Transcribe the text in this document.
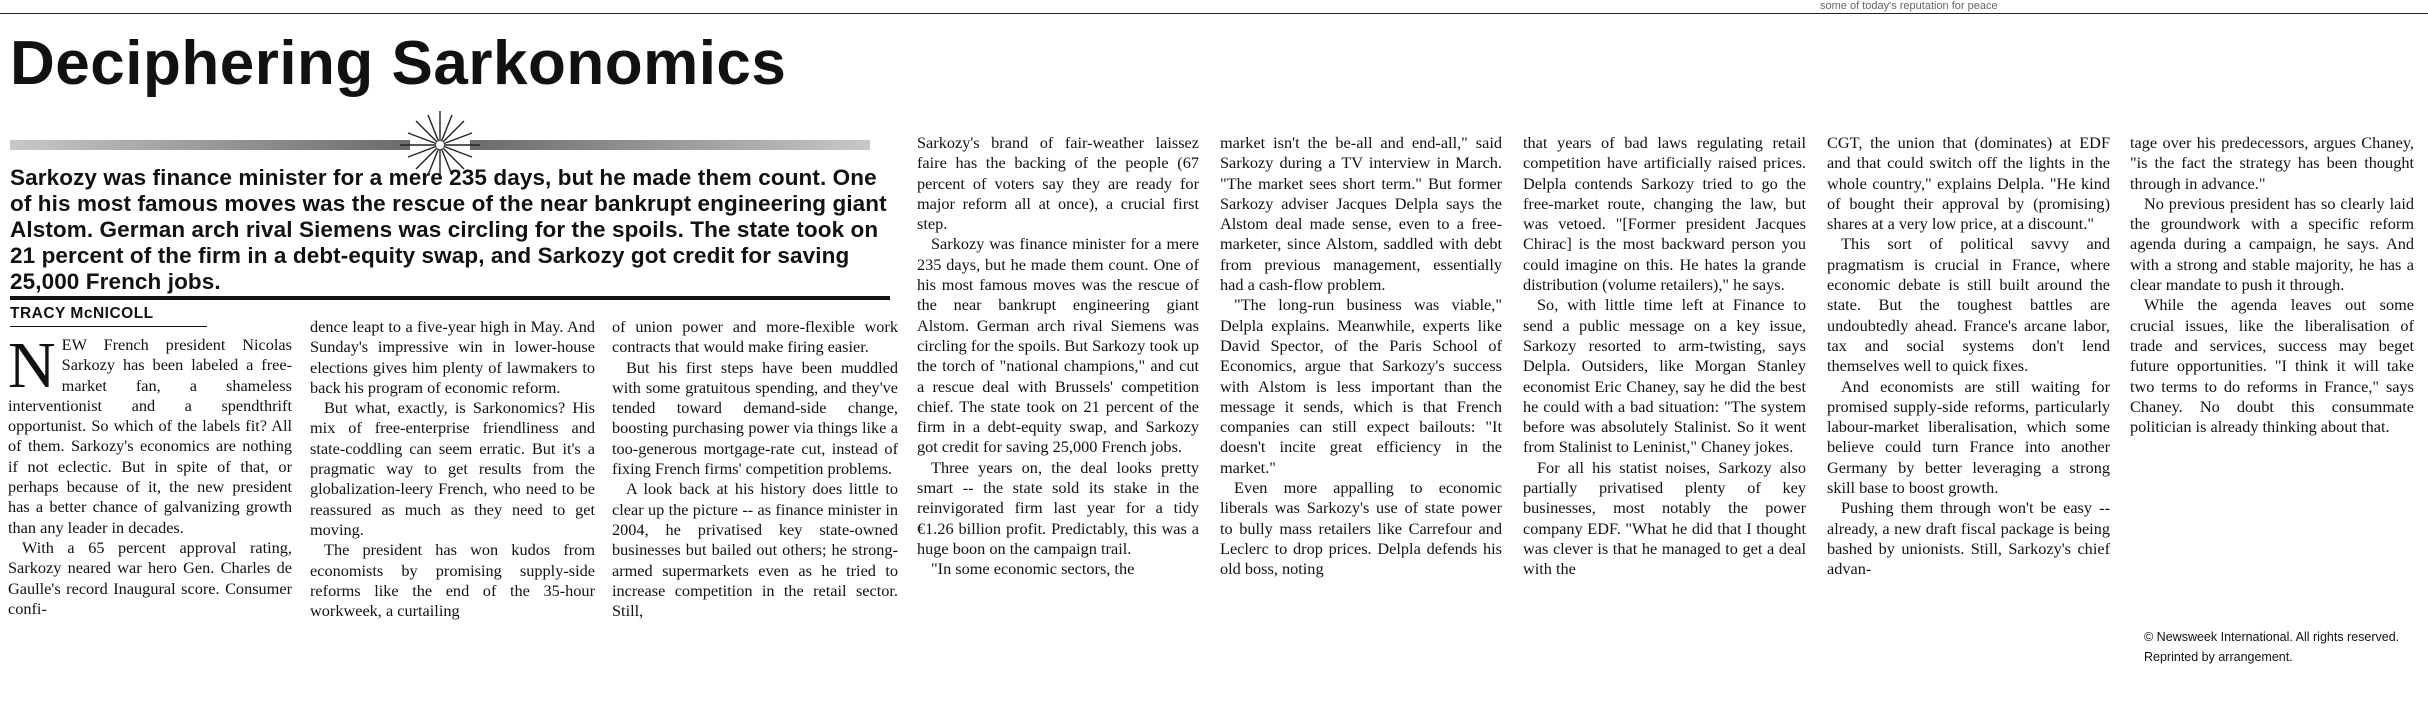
some of today's reputation for peace
Deciphering Sarkonomics

Sarkozy was finance minister for a mere 235 days, but he made them count. One of his most famous moves was the rescue of the near bankrupt engineering giant Alstom. German arch rival Siemens was circling for the spoils. The state took on 21 percent of the firm in a debt-equity swap, and Sarkozy got credit for saving 25,000 French jobs.

TRACY McNICOLL
N EW French president Nicolas Sarkozy has been labeled a free-market fan, a shameless interventionist and a spendthrift opportunist. So which of the labels fit? All of them. Sarkozy's economics are nothing if not eclectic. But in spite of that, or perhaps because of it, the new president has a better chance of galvanizing growth than any leader in decades.

With a 65 percent approval rating, Sarkozy neared war hero Gen. Charles de Gaulle's record Inaugural score. Consumer confi-

dence leapt to a five-year high in May. And Sunday's impressive win in lower-house elections gives him plenty of lawmakers to back his program of economic reform.

But what, exactly, is Sarkonomics? His mix of free-enterprise friendliness and state-coddling can seem erratic. But it's a pragmatic way to get results from the globalization-leery French, who need to be reassured as much as they need to get moving.

The president has won kudos from economists by promising supply-side reforms like the end of the 35-hour workweek, a curtailing

of union power and more-flexible work contracts that would make firing easier.

But his first steps have been muddled with some gratuitous spending, and they've tended toward demand-side change, boosting purchasing power via things like a too-generous mortgage-rate cut, instead of fixing French firms' competition problems.

A look back at his history does little to clear up the picture -- as finance minister in 2004, he privatised key state-owned businesses but bailed out others; he strong-armed supermarkets even as he tried to increase competition in the retail sector. Still,

Sarkozy's brand of fair-weather laissez faire has the backing of the people (67 percent of voters say they are ready for major reform all at once), a crucial first step.

Sarkozy was finance minister for a mere 235 days, but he made them count. One of his most famous moves was the rescue of the near bankrupt engineering giant Alstom. German arch rival Siemens was circling for the spoils. But Sarkozy took up the torch of "national champions," and cut a rescue deal with Brussels' competition chief. The state took on 21 percent of the firm in a debt-equity swap, and Sarkozy got credit for saving 25,000 French jobs.

Three years on, the deal looks pretty smart -- the state sold its stake in the reinvigorated firm last year for a tidy €1.26 billion profit. Predictably, this was a huge boon on the campaign trail.

"In some economic sectors, the

market isn't the be-all and end-all," said Sarkozy during a TV interview in March. "The market sees short term." But former Sarkozy adviser Jacques Delpla says the Alstom deal made sense, even to a free-marketer, since Alstom, saddled with debt from previous management, essentially had a cash-flow problem.

"The long-run business was viable," Delpla explains. Meanwhile, experts like David Spector, of the Paris School of Economics, argue that Sarkozy's success with Alstom is less important than the message it sends, which is that French companies can still expect bailouts: "It doesn't incite great efficiency in the market."

Even more appalling to economic liberals was Sarkozy's use of state power to bully mass retailers like Carrefour and Leclerc to drop prices. Delpla defends his old boss, noting

that years of bad laws regulating retail competition have artificially raised prices. Delpla contends Sarkozy tried to go the free-market route, changing the law, but was vetoed. "[Former president Jacques Chirac] is the most backward person you could imagine on this. He hates la grande distribution (volume retailers)," he says.

So, with little time left at Finance to send a public message on a key issue, Sarkozy resorted to arm-twisting, says Delpla. Outsiders, like Morgan Stanley economist Eric Chaney, say he did the best he could with a bad situation: "The system before was absolutely Stalinist. So it went from Stalinist to Leninist," Chaney jokes.

For all his statist noises, Sarkozy also partially privatised plenty of key businesses, most notably the power company EDF. "What he did that I thought was clever is that he managed to get a deal with the

CGT, the union that (dominates) at EDF and that could switch off the lights in the whole country," explains Delpla. "He kind of bought their approval by (promising) shares at a very low price, at a discount."

This sort of political savvy and pragmatism is crucial in France, where economic debate is still built around the state. But the toughest battles are undoubtedly ahead. France's arcane labor, tax and social systems don't lend themselves well to quick fixes.

And economists are still waiting for promised supply-side reforms, particularly labour-market liberalisation, which some believe could turn France into another Germany by better leveraging a strong skill base to boost growth.

Pushing them through won't be easy -- already, a new draft fiscal package is being bashed by unionists. Still, Sarkozy's chief advan-

tage over his predecessors, argues Chaney, "is the fact the strategy has been thought through in advance."

No previous president has so clearly laid the groundwork with a specific reform agenda during a campaign, he says. And with a strong and stable majority, he has a clear mandate to push it through.

While the agenda leaves out some crucial issues, like the liberalisation of trade and services, success may beget future opportunities. "I think it will take two terms to do reforms in France," says Chaney. No doubt this consummate politician is already thinking about that.

© Newsweek International. All rights reserved.
Reprinted by arrangement.
